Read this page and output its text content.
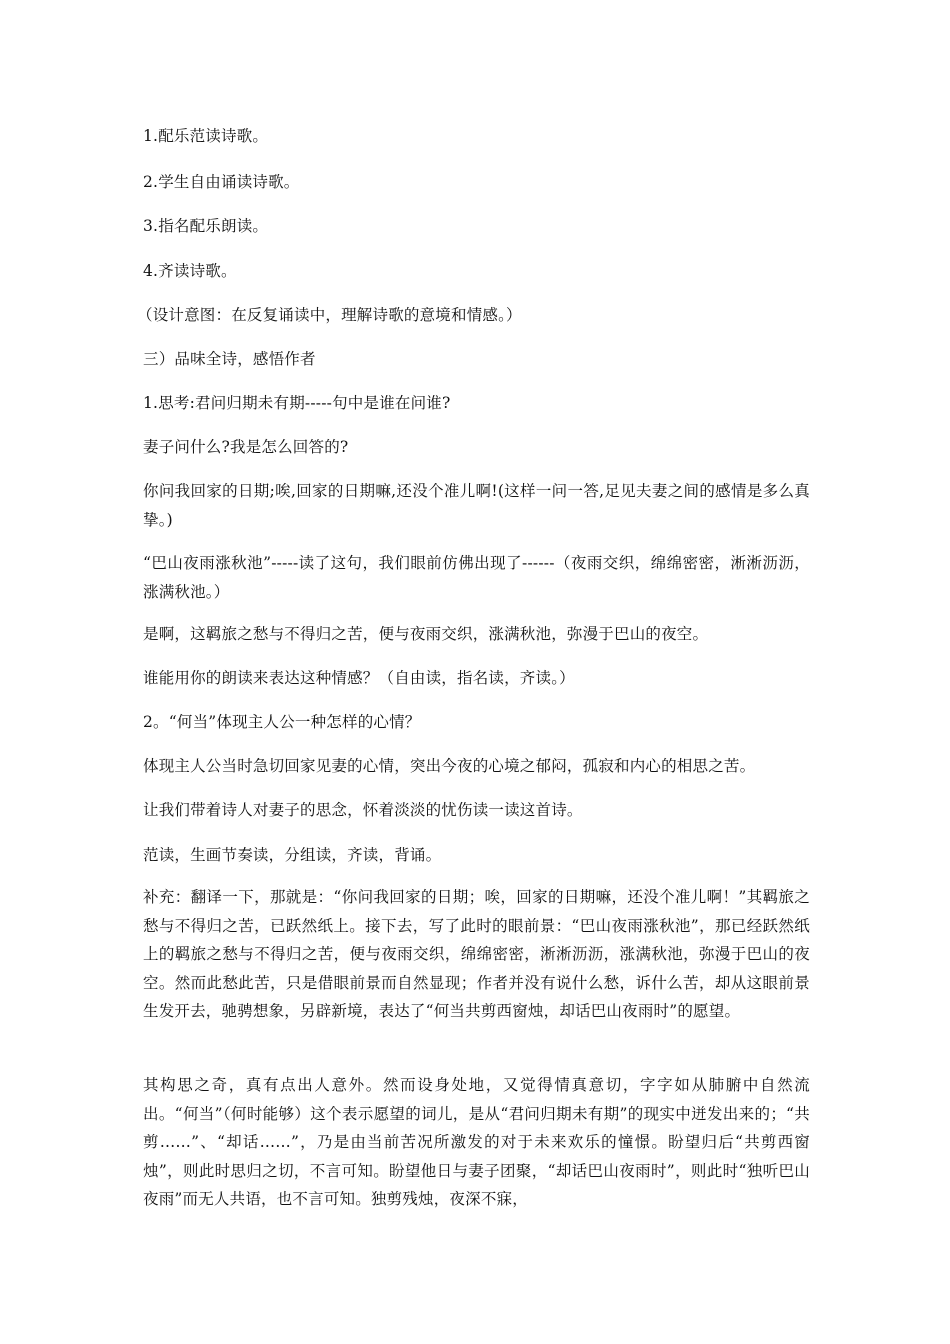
1.配乐范读诗歌。

2.学生自由诵读诗歌。

3.指名配乐朗读。

4.齐读诗歌。

（设计意图：在反复诵读中，理解诗歌的意境和情感。）

三）品味全诗，感悟作者

1.思考:君问归期未有期-----句中是谁在问谁?

妻子问什么?我是怎么回答的?

你问我回家的日期;唉,回家的日期嘛,还没个准儿啊!(这样一问一答,足见夫妻之间的感情是多么真挚。)

“巴山夜雨涨秋池”-----读了这句，我们眼前仿佛出现了------（夜雨交织，绵绵密密，淅淅沥沥，涨满秋池。）

是啊，这羁旅之愁与不得归之苦，便与夜雨交织，涨满秋池，弥漫于巴山的夜空。

谁能用你的朗读来表达这种情感？（自由读，指名读，齐读。）

2。“何当”体现主人公一种怎样的心情？

体现主人公当时急切回家见妻的心情，突出今夜的心境之郁闷，孤寂和内心的相思之苦。

让我们带着诗人对妻子的思念，怀着淡淡的忧伤读一读这首诗。

范读，生画节奏读，分组读，齐读，背诵。

补充：翻译一下，那就是：“你问我回家的日期；唉，回家的日期嘛，还没个准儿啊！”其羁旅之愁与不得归之苦，已跃然纸上。接下去，写了此时的眼前景：“巴山夜雨涨秋池”，那已经跃然纸上的羁旅之愁与不得归之苦，便与夜雨交织，绵绵密密，淅淅沥沥，涨满秋池，弥漫于巴山的夜空。然而此愁此苦，只是借眼前景而自然显现；作者并没有说什么愁，诉什么苦，却从这眼前景生发开去，驰骋想象，另辟新境，表达了“何当共剪西窗烛，却话巴山夜雨时”的愿望。

其构思之奇，真有点出人意外。然而设身处地，又觉得情真意切，字字如从肺腑中自然流出。“何当”（何时能够）这个表示愿望的词儿，是从“君问归期未有期”的现实中迸发出来的；“共剪……”、“却话……”，乃是由当前苦况所激发的对于未来欢乐的憧憬。盼望归后“共剪西窗烛”，则此时思归之切，不言可知。盼望他日与妻子团聚，“却话巴山夜雨时”，则此时“独听巴山夜雨”而无人共语，也不言可知。独剪残烛，夜深不寐，
